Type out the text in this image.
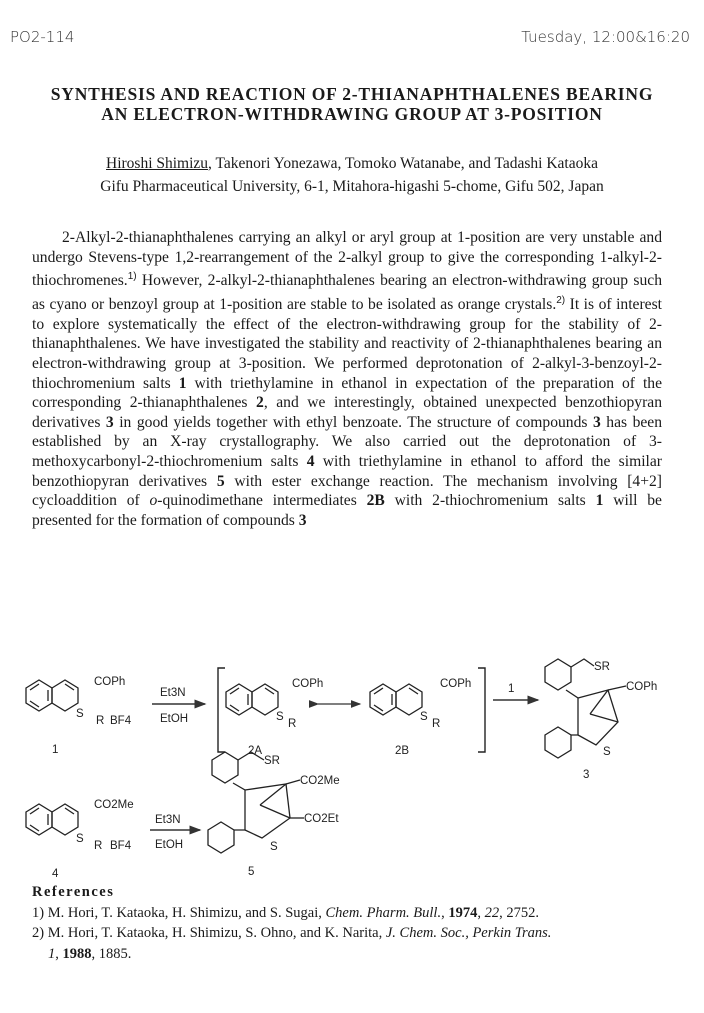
PO2-114	Tuesday, 12:00&16:20
SYNTHESIS AND REACTION OF 2-THIANAPHTHALENES BEARING AN ELECTRON-WITHDRAWING GROUP AT 3-POSITION
Hiroshi Shimizu, Takenori Yonezawa, Tomoko Watanabe, and Tadashi Kataoka
Gifu Pharmaceutical University, 6-1, Mitahora-higashi 5-chome, Gifu 502, Japan

2-Alkyl-2-thianaphthalenes carrying an alkyl or aryl group at 1-position are very unstable and undergo Stevens-type 1,2-rearrangement of the 2-alkyl group to give the corresponding 1-alkyl-2-thiochromenes.$^{1)}$ However, 2-alkyl-2-thianaphthalenes bearing an electron-withdrawing group such as cyano or benzoyl group at 1-position are stable to be isolated as orange crystals.$^{2)}$ It is of interest to explore systematically the effect of the electron-withdrawing group for the stability of 2-thianaphthalenes. We have investigated the stability and reactivity of 2-thianaphthalenes bearing an electron-withdrawing group at 3-position. We performed deprotonation of 2-alkyl-3-benzoyl-2-thiochromenium salts 1 with triethylamine in ethanol in expectation of the preparation of the corresponding 2-thianaphthalenes 2, and we interestingly, obtained unexpected benzothiopyran derivatives 3 in good yields together with ethyl benzoate. The structure of compounds 3 has been established by an X-ray crystallography. We also carried out the deprotonation of 3-methoxycarbonyl-2-thiochromenium salts 4 with triethylamine in ethanol to afford the similar benzothiopyran derivatives 5 with ester exchange reaction. The mechanism involving [4+2] cycloaddition of o-quinodimethane intermediates 2B with 2-thiochromenium salts 1 will be presented for the formation of compounds 3

COPh
S
R BF4
1
Et3N
EtOH
COPh
S
R
2A
COPh
S
R
2B
1
SR
COPh
S
3
CO2Me
S
R BF4
4
Et3N
EtOH
SR
CO2Me
CO2Et
S
5
References

1) M. Hori, T. Kataoka, H. Shimizu, and S. Sugai, Chem. Pharm. Bull., 1974, 22, 2752.

2) M. Hori, T. Kataoka, H. Shimizu, S. Ohno, and K. Narita, J. Chem. Soc., Perkin Trans.
1, 1988, 1885.
